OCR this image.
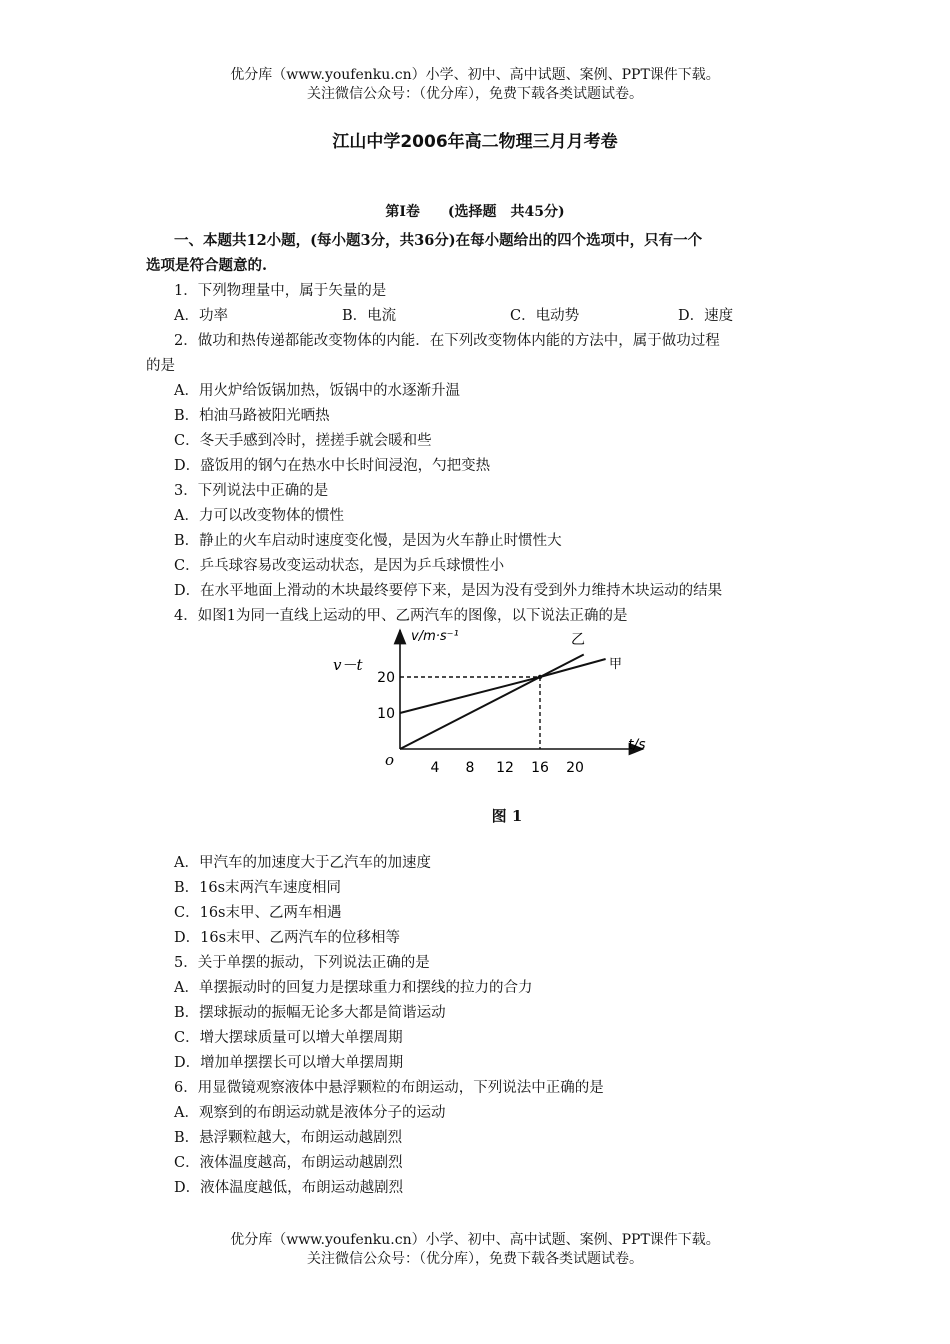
优分库（www.youfenku.cn）小学、初中、高中试题、案例、PPT课件下载。
关注微信公众号：（优分库），免费下载各类试题试卷。
江山中学2006年高二物理三月月考卷
第Ⅰ卷　　(选择题　共45分)
一、本题共12小题，(每小题3分，共36分)在每小题给出的四个选项中，只有一个
选项是符合题意的.
1．下列物理量中，属于矢量的是
A．功率	B．电流	C．电动势	D．速度
2．做功和热传递都能改变物体的内能．在下列改变物体内能的方法中，属于做功过程
的是
A．用火炉给饭锅加热，饭锅中的水逐渐升温
B．柏油马路被阳光晒热
C．冬天手感到冷时，搓搓手就会暖和些
D．盛饭用的钢勺在热水中长时间浸泡，勺把变热
3．下列说法中正确的是
A．力可以改变物体的惯性
B．静止的火车启动时速度变化慢，是因为火车静止时惯性大
C．乒乓球容易改变运动状态，是因为乒乓球惯性小
D．在水平地面上滑动的木块最终要停下来，是因为没有受到外力维持木块运动的结果
4．如图1为同一直线上运动的甲、乙两汽车的图像，以下说法正确的是
v－t
v/m·s⁻¹
t/s
o	4 8 12 16 20
10
20
乙
甲
图 1
A．甲汽车的加速度大于乙汽车的加速度
B．16s末两汽车速度相同
C．16s末甲、乙两车相遇
D．16s末甲、乙两汽车的位移相等
5．关于单摆的振动，下列说法正确的是
A．单摆振动时的回复力是摆球重力和摆线的拉力的合力
B．摆球振动的振幅无论多大都是简谐运动
C．增大摆球质量可以增大单摆周期
D．增加单摆摆长可以增大单摆周期
6．用显微镜观察液体中悬浮颗粒的布朗运动，下列说法中正确的是
A．观察到的布朗运动就是液体分子的运动
B．悬浮颗粒越大，布朗运动越剧烈
C．液体温度越高，布朗运动越剧烈
D．液体温度越低，布朗运动越剧烈
优分库（www.youfenku.cn）小学、初中、高中试题、案例、PPT课件下载。
关注微信公众号：（优分库），免费下载各类试题试卷。
